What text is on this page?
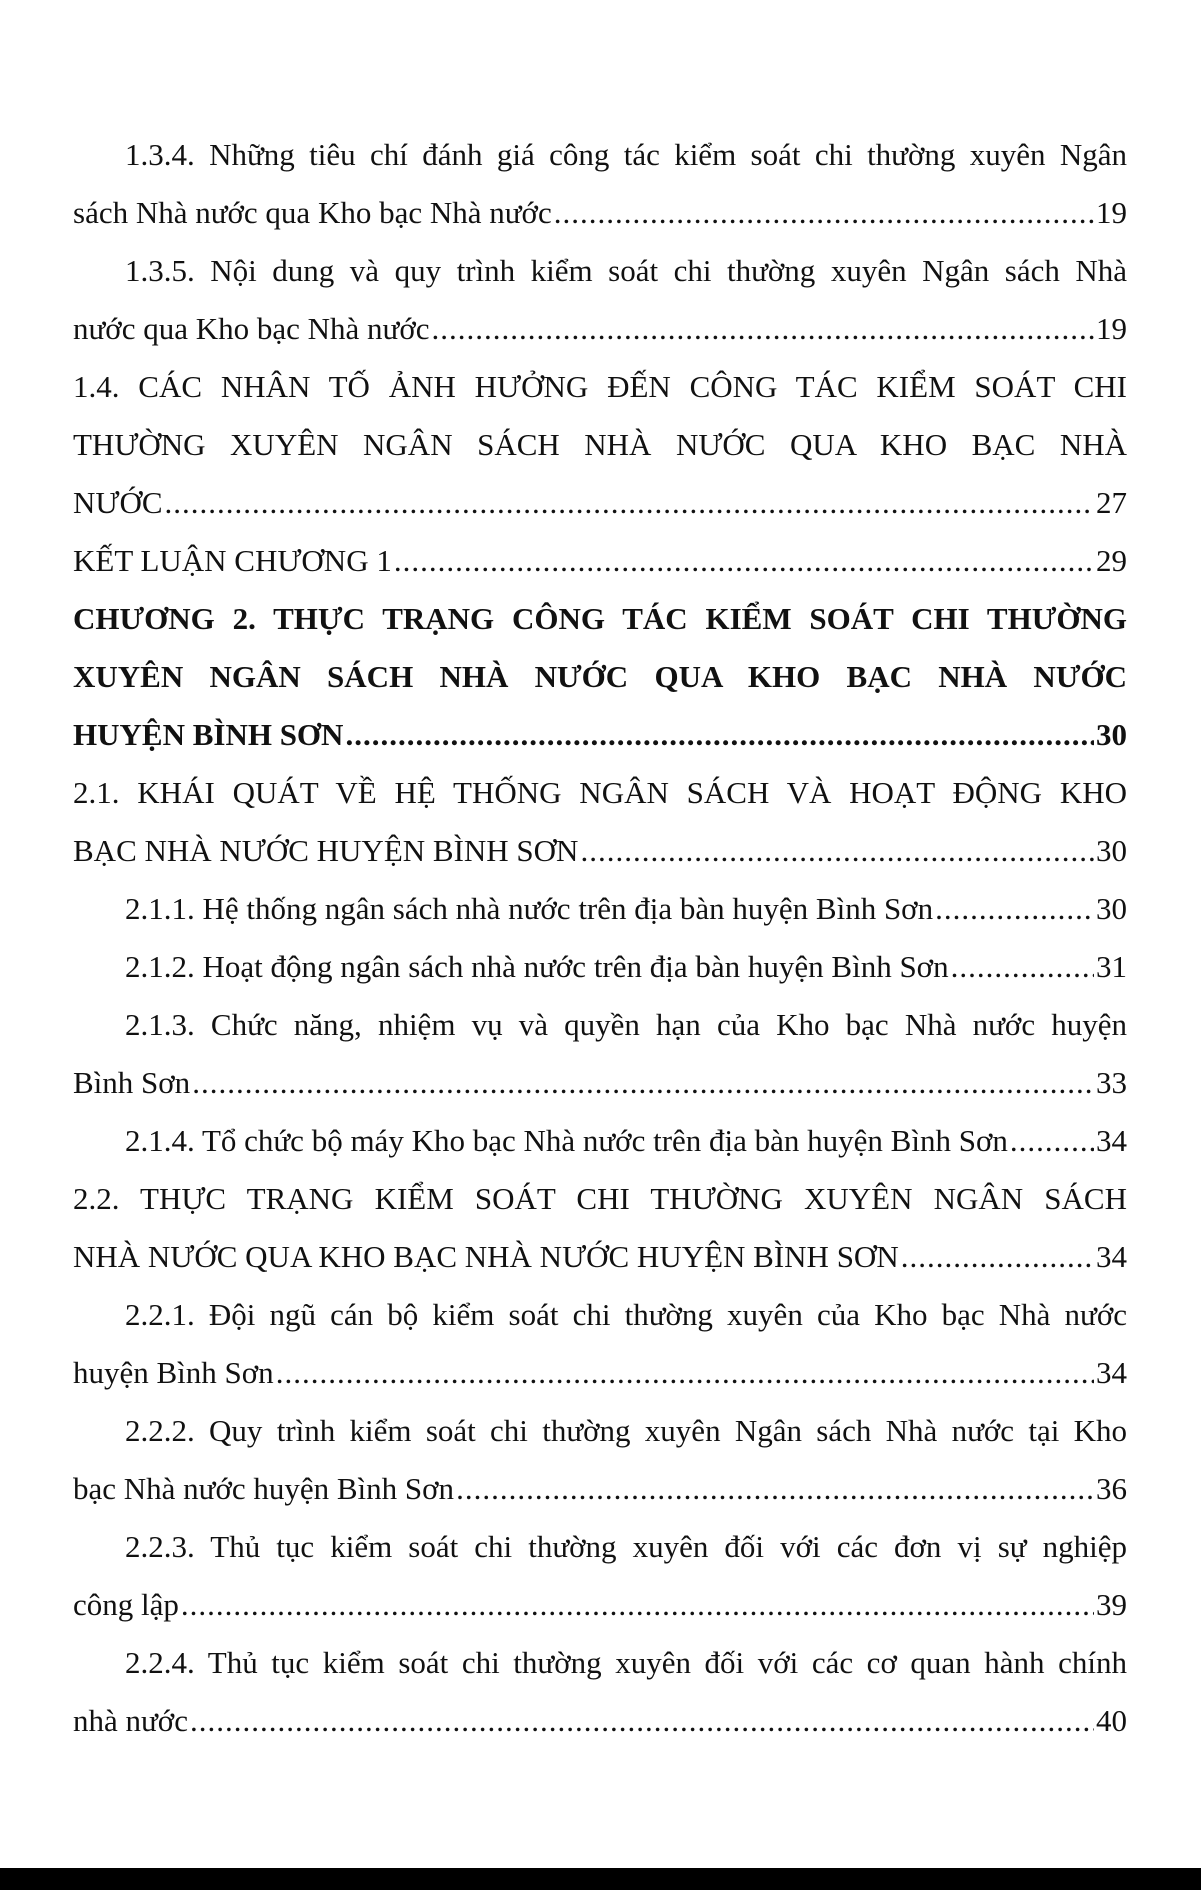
1.3.4. Những tiêu chí đánh giá công tác kiểm soát chi thường xuyên Ngân
sách Nhà nước qua Kho bạc Nhà nước .....	19
1.3.5. Nội dung và quy trình kiểm soát chi thường xuyên Ngân sách Nhà
nước qua Kho bạc Nhà nước .....	19
1.4. CÁC NHÂN TỐ ẢNH HƯỞNG ĐẾN CÔNG TÁC KIỂM SOÁT CHI
THƯỜNG XUYÊN NGÂN SÁCH NHÀ NƯỚC QUA KHO BẠC NHÀ
NƯỚC .....	27
KẾT LUẬN CHƯƠNG 1 .....	29
CHƯƠNG 2. THỰC TRẠNG CÔNG TÁC KIỂM SOÁT CHI THƯỜNG
XUYÊN NGÂN SÁCH NHÀ NƯỚC QUA KHO BẠC NHÀ NƯỚC
HUYỆN BÌNH SƠN .....	30
2.1. KHÁI QUÁT VỀ HỆ THỐNG NGÂN SÁCH VÀ HOẠT ĐỘNG KHO
BẠC NHÀ NƯỚC HUYỆN BÌNH SƠN .....	30
2.1.1. Hệ thống ngân sách nhà nước trên địa bàn huyện Bình Sơn .....	30
2.1.2. Hoạt động ngân sách nhà nước trên địa bàn huyện Bình Sơn .....	31
2.1.3. Chức năng, nhiệm vụ và quyền hạn của Kho bạc Nhà nước huyện
Bình Sơn .....	33
2.1.4. Tổ chức bộ máy Kho bạc Nhà nước trên địa bàn huyện Bình Sơn .....	34
2.2. THỰC TRẠNG KIỂM SOÁT CHI THƯỜNG XUYÊN NGÂN SÁCH
NHÀ NƯỚC QUA KHO BẠC NHÀ NƯỚC HUYỆN BÌNH SƠN .....	34
2.2.1. Đội ngũ cán bộ kiểm soát chi thường xuyên của Kho bạc Nhà nước
huyện Bình Sơn .....	34
2.2.2. Quy trình kiểm soát chi thường xuyên Ngân sách Nhà nước tại Kho
bạc Nhà nước huyện Bình Sơn .....	36
2.2.3. Thủ tục kiểm soát chi thường xuyên đối với các đơn vị sự nghiệp
công lập .....	39
2.2.4. Thủ tục kiểm soát chi thường xuyên đối với các cơ quan hành chính
nhà nước .....	40
